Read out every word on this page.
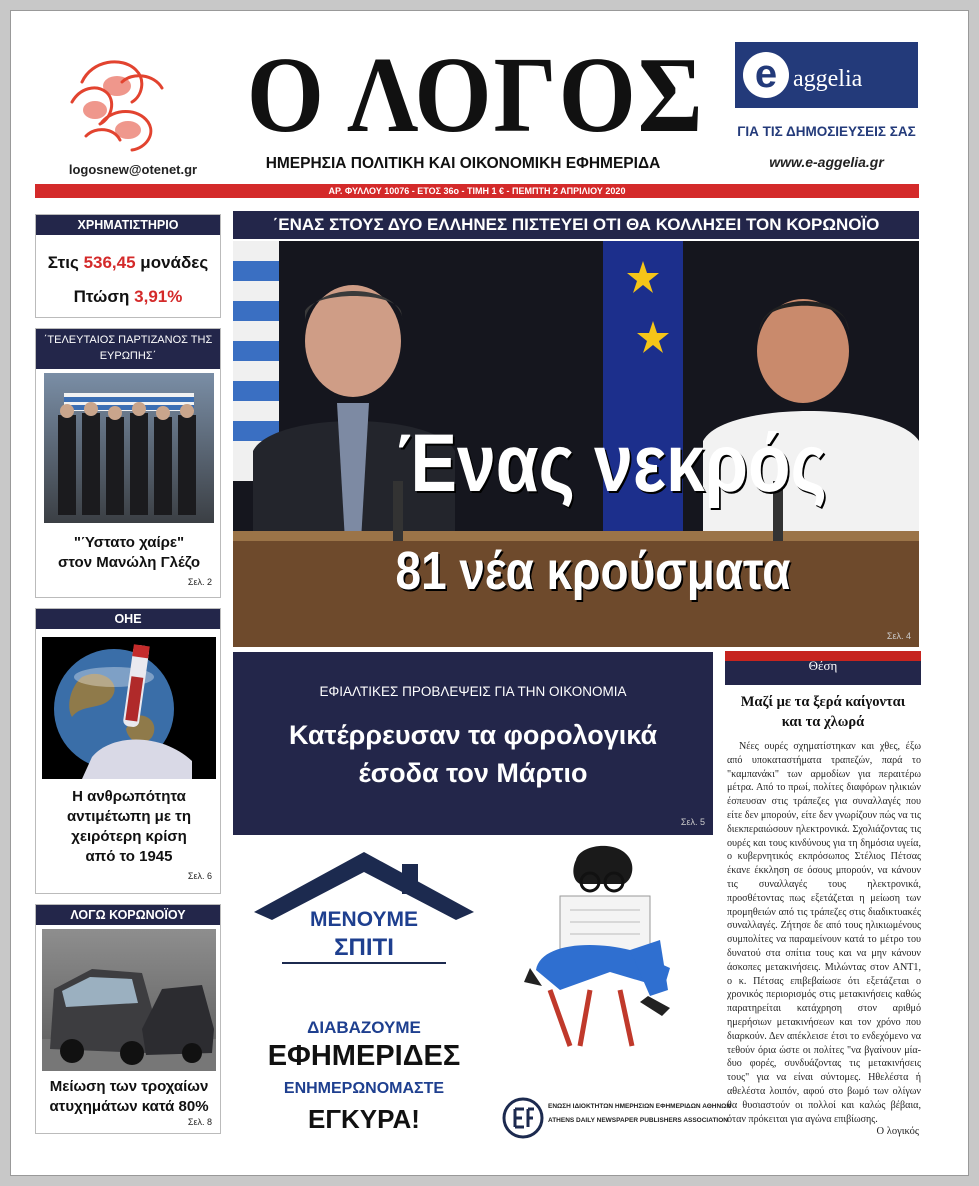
logosnew@otenet.gr
Ο ΛΟΓΟΣ
ΗΜΕΡΗΣΙΑ ΠΟΛΙΤΙΚΗ ΚΑΙ ΟΙΚΟΝΟΜΙΚΗ ΕΦΗΜΕΡΙΔΑ
e aggelia
ΓΙΑ ΤΙΣ ΔΗΜΟΣΙΕΥΣΕΙΣ ΣΑΣ
www.e-aggelia.gr
ΑΡ. ΦΥΛΛΟΥ 10076 - ΕΤΟΣ 36ο - ΤΙΜΗ 1 € - ΠΕΜΠΤΗ 2 ΑΠΡΙΛΙΟΥ 2020
ΧΡΗΜΑΤΙΣΤΗΡΙΟ
Στις 536,45 μονάδες
Πτώση 3,91%
΄ΤΕΛΕΥΤΑΙΟΣ ΠΑΡΤΙΖΑΝΟΣ ΤΗΣ ΕΥΡΩΠΗΣ΄
"Ύστατο χαίρε"
στον Μανώλη Γλέζο
Σελ. 2
ΟΗΕ
Η ανθρωπότητα
αντιμέτωπη με τη
χειρότερη κρίση
από το 1945
Σελ. 6
ΛΟΓΩ ΚΟΡΩΝΟΪΟΥ
Μείωση των τροχαίων
ατυχημάτων κατά 80%
Σελ. 8
΄ΕΝΑΣ ΣΤΟΥΣ ΔΥΟ ΕΛΛΗΝΕΣ ΠΙΣΤΕΥΕΙ ΟΤΙ ΘΑ ΚΟΛΛΗΣΕΙ ΤΟΝ ΚΟΡΩΝΟΪΟ
Ένας νεκρός
81 νέα κρούσματα
Σελ. 4
ΕΦΙΑΛΤΙΚΕΣ ΠΡΟΒΛΕΨΕΙΣ ΓΙΑ ΤΗΝ ΟΙΚΟΝΟΜΙΑ
Κατέρρευσαν τα φορολογικά
έσοδα τον Μάρτιο
Σελ. 5
Θέση
Μαζί με τα ξερά καίγονται
και τα χλωρά
Νέες ουρές σχηματίστηκαν και χθες, έξω από υποκαταστήματα τραπεζών, παρά το "καμπανάκι" των αρμοδίων για περαιτέρω μέτρα. Από το πρωί, πολίτες διαφόρων ηλικιών έσπευσαν στις τράπεζες για συναλλαγές που είτε δεν μπορούν, είτε δεν γνωρίζουν πώς να τις διεκπεραιώσουν ηλεκτρονικά. Σχολιάζοντας τις ουρές και τους κινδύνους για τη δημόσια υγεία, ο κυβερνητικός εκπρόσωπος Στέλιος Πέτσας έκανε έκκληση σε όσους μπορούν, να κάνουν τις συναλλαγές τους ηλεκτρονικά, προσθέτοντας πως εξετάζεται η μείωση των προμηθειών από τις τράπεζες στις διαδικτυακές συναλλαγές. Ζήτησε δε από τους ηλικιωμένους συμπολίτες να παραμείνουν κατά το μέτρο του δυνατού στα σπίτια τους και να μην κάνουν άσκοπες μετακινήσεις. Μιλώντας στον ΑΝΤ1, ο κ. Πέτσας επιβεβαίωσε ότι εξετάζεται ο χρονικός περιορισμός στις μετακινήσεις καθώς παρατηρείται κατάχρηση στον αριθμό ημερήσιων μετακινήσεων και τον χρόνο που διαρκούν. Δεν απέκλεισε έτσι το ενδεχόμενο να τεθούν όρια ώστε οι πολίτες "να βγαίνουν μία-δυο φορές, συνδυάζοντας τις μετακινήσεις τους" για να είναι σύντομες. Ηθελέστα ή αθελέστα λοιπόν, αφού στο βωμό των ολίγων θα θυσιαστούν οι πολλοί και καλώς βέβαια, όταν πρόκειται για αγώνα επιβίωσης.
Ο λογικός
ΜΕΝΟΥΜΕ
ΣΠΙΤΙ
ΔΙΑΒΑΖΟΥΜΕ
ΕΦΗΜΕΡΙΔΕΣ
ΕΝΗΜΕΡΩΝΟΜΑΣΤΕ
ΕΓΚΥΡΑ!	ΕΝΩΣΗ ΙΔΙΟΚΤΗΤΩΝ ΗΜΕΡΗΣΙΩΝ ΕΦΗΜΕΡΙΔΩΝ ΑΘΗΝΩΝ
ATHENS DAILY NEWSPAPER PUBLISHERS ASSOCIATION
